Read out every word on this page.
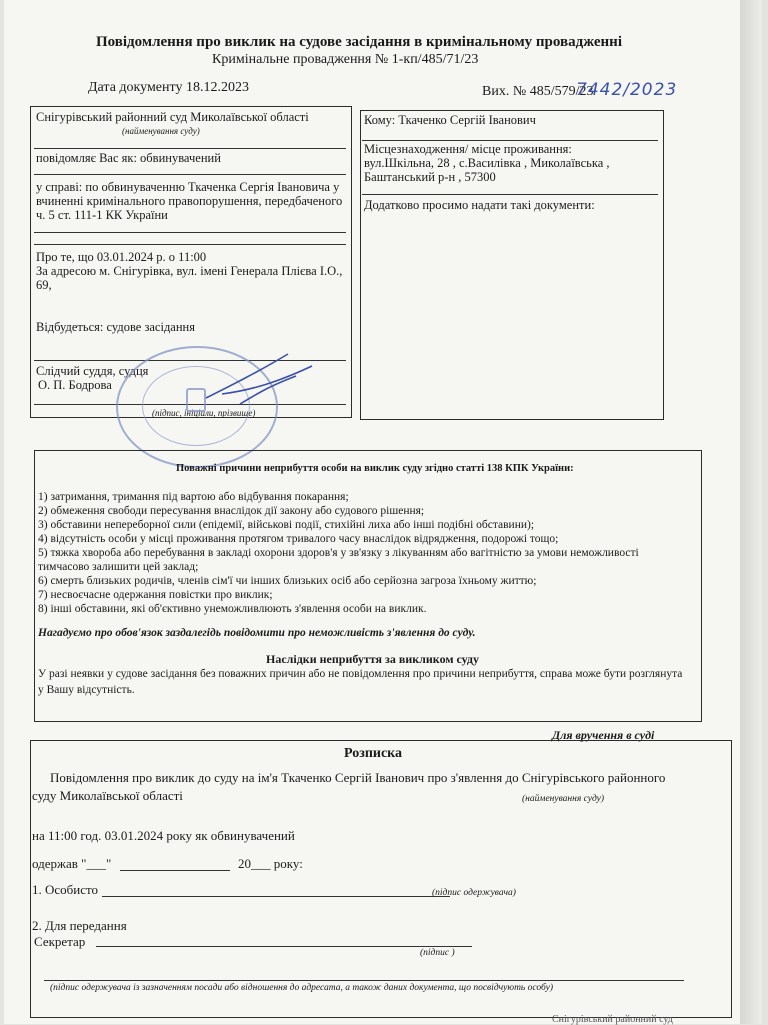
Повідомлення про виклик на судове засідання в кримінальному провадженні
Кримінальне провадження № 1-кп/485/71/23
Дата документу 18.12.2023	Вих. № 485/579/23
7442/2023
Снігурівський районний суд Миколаївської області
(найменування суду)
повідомляє Вас як: обвинувачений
у справі: по обвинуваченню Ткаченка Сергія Івановича у
вчиненні кримінального правопорушення, передбаченого
ч. 5 ст. 111-1 КК України
Про те, що 03.01.2024 р. о 11:00
За адресою м. Снігурівка, вул. імені Генерала Плієва І.О.,
69,
Відбудеться: судове засідання
Слідчий суддя, судця
О. П. Бодрова
(підпис, ініціали, прізвище)
Кому: Ткаченко Сергій Іванович
Місцезнаходження/ місце проживання:
вул.Шкільна, 28 , с.Василівка , Миколаївська ,
Баштанський р-н , 57300
Додатково просимо надати такі документи:
Поважні причини неприбуття особи на виклик суду згідно статті 138 КПК України:
1) затримання, тримання під вартою або відбування покарання;
2) обмеження свободи пересування внаслідок дії закону або судового рішення;
3) обставини непереборної сили (епідемії, військові події, стихійні лиха або інші подібні обставини);
4) відсутність особи у місці проживання протягом тривалого часу внаслідок відрядження, подорожі тощо;
5) тяжка хвороба або перебування в закладі охорони здоров'я у зв'язку з лікуванням або вагітністю за умови неможливості
тимчасово залишити цей заклад;
6) смерть близьких родичів, членів сім'ї чи інших близьких осіб або серйозна загроза їхньому життю;
7) несвоєчасне одержання повістки про виклик;
8) інші обставини, які об'єктивно унеможливлюють з'явлення особи на виклик.
Нагадуємо про обов'язок заздалегідь повідомити про неможливість з'явлення до суду.
Наслідки неприбуття за викликом суду
У разі неявки у судове засідання без поважних причин або не повідомлення про причини неприбуття, справа може бути розглянута
у Вашу відсутність.
Для вручення в суді
Розписка
Повідомлення про виклик до суду на ім'я Ткаченко Сергій Іванович про з'явлення до Снігурівського районного
суду Миколаївської області	(найменування суду)
на 11:00 год. 03.01.2024 року як обвинувачений
одержав "___"	20___ року:
1. Особисто	(підпис одержувача)
2. Для передання
Секретар
(підпис )
(підпис одержувача із зазначенням посади або відношення до адресата, а також даних документа, що посвідчують особу)
Снігурівський районний суд
